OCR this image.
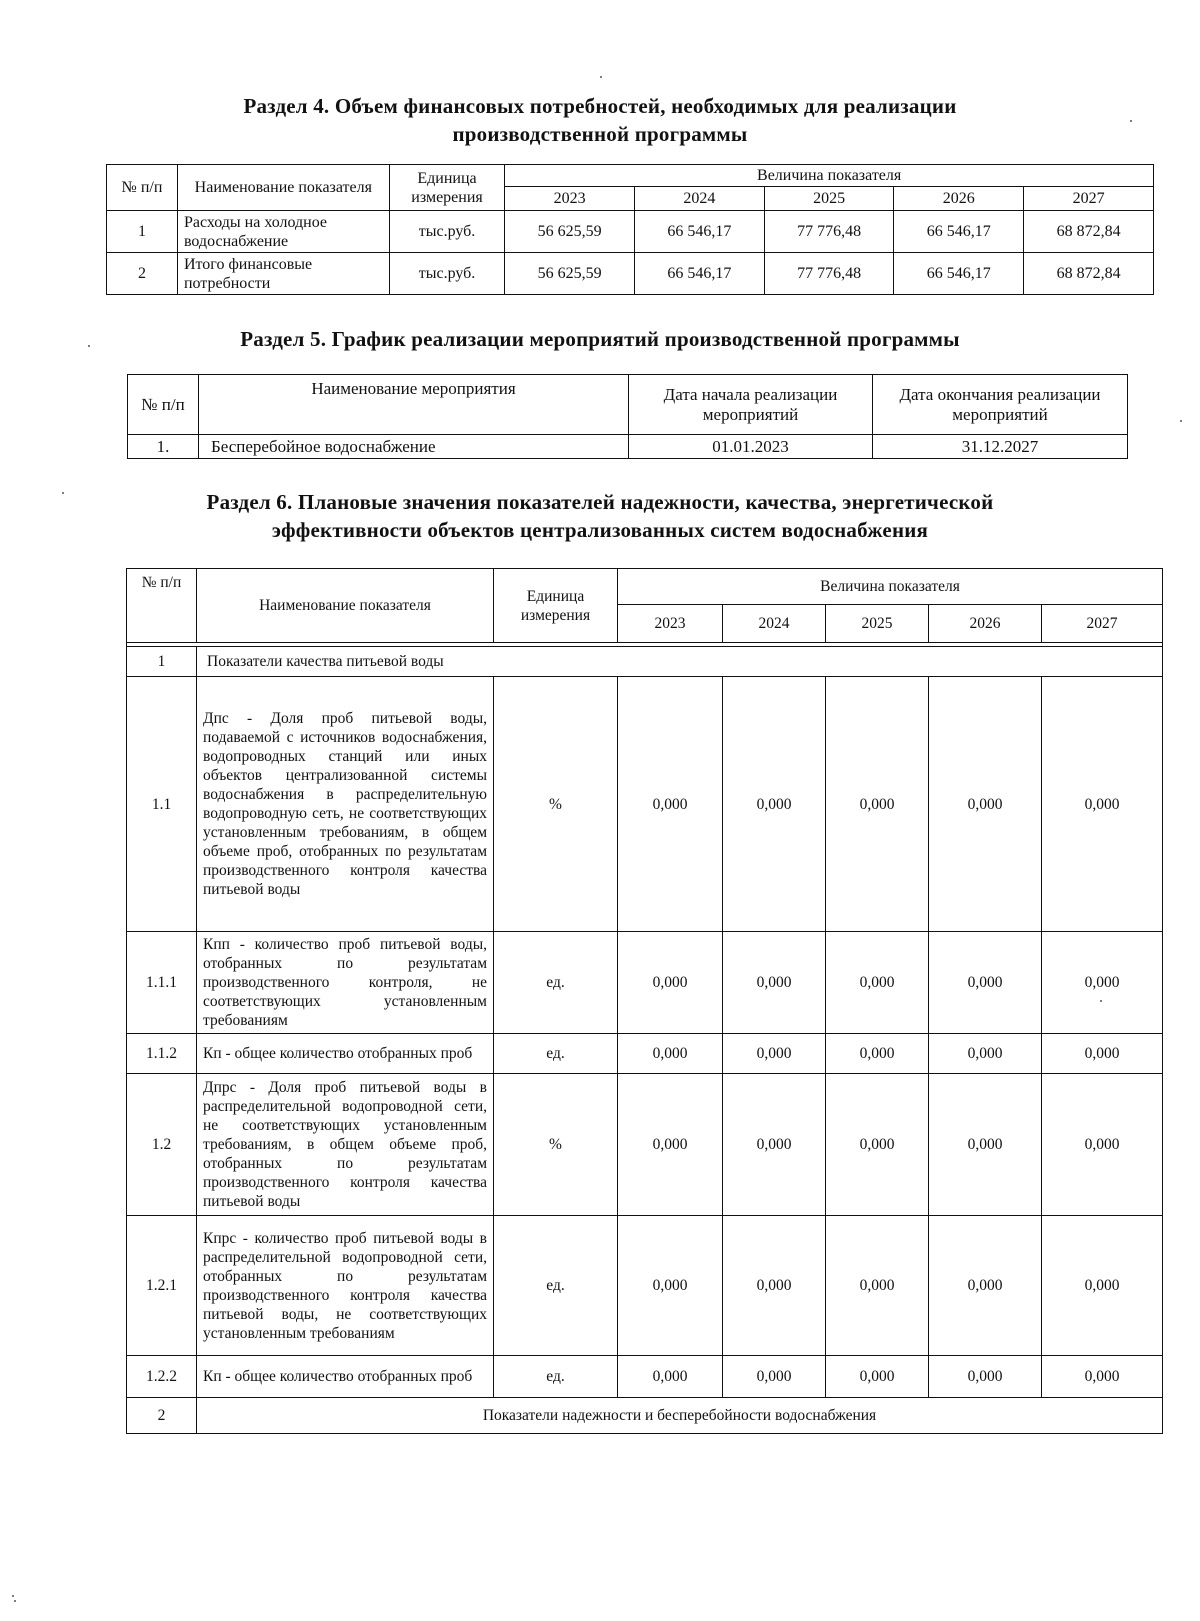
Раздел 4. Объем финансовых потребностей, необходимых для реализации
производственной программы
№ п/п	Наименование показателя	Единица измерения	Величина показателя				
			2023	2024	2025	2026	2027
1	Расходы на холодное водоснабжение	тыс.руб.	56 625,59	66 546,17	77 776,48	66 546,17	68 872,84
2	Итого финансовые потребности	тыс.руб.	56 625,59	66 546,17	77 776,48	66 546,17	68 872,84
Раздел 5. График реализации мероприятий производственной программы
№ п/п	Наименование мероприятия	Дата начала реализации мероприятий	Дата окончания реализации мероприятий
1.	Бесперебойное водоснабжение	01.01.2023	31.12.2027
Раздел 6. Плановые значения показателей надежности, качества, энергетической
эффективности объектов централизованных систем водоснабжения
№ п/п	Наименование показателя	Единица измерения	Величина показателя				
			2023	2024	2025	2026	2027

1	Показатели качества питьевой воды						
1.1	Дпс - Доля проб питьевой воды, подаваемой с источников водоснабжения, водопроводных станций или иных объектов централизованной системы водоснабжения в распределительную водопроводную сеть, не соответствующих установленным требованиям, в общем объеме проб, отобранных по результатам производственного контроля качества питьевой воды	%	0,000	0,000	0,000	0,000	0,000
1.1.1	Кпп - количество проб питьевой воды, отобранных по результатам производственного контроля, не соответствующих установленным требованиям	ед.	0,000	0,000	0,000	0,000	0,000
1.1.2	Кп - общее количество отобранных проб	ед.	0,000	0,000	0,000	0,000	0,000
1.2	Дпрс - Доля проб питьевой воды в распределительной водопроводной сети, не соответствующих установленным требованиям, в общем объеме проб, отобранных по результатам производственного контроля качества питьевой воды	%	0,000	0,000	0,000	0,000	0,000
1.2.1	Кпрс - количество проб питьевой воды в распределительной водопроводной сети, отобранных по результатам производственного контроля качества питьевой воды, не соответствующих установленным требованиям	ед.	0,000	0,000	0,000	0,000	0,000
1.2.2	Кп - общее количество отобранных проб	ед.	0,000	0,000	0,000	0,000	0,000
2	Показатели надежности и бесперебойности водоснабжения						
